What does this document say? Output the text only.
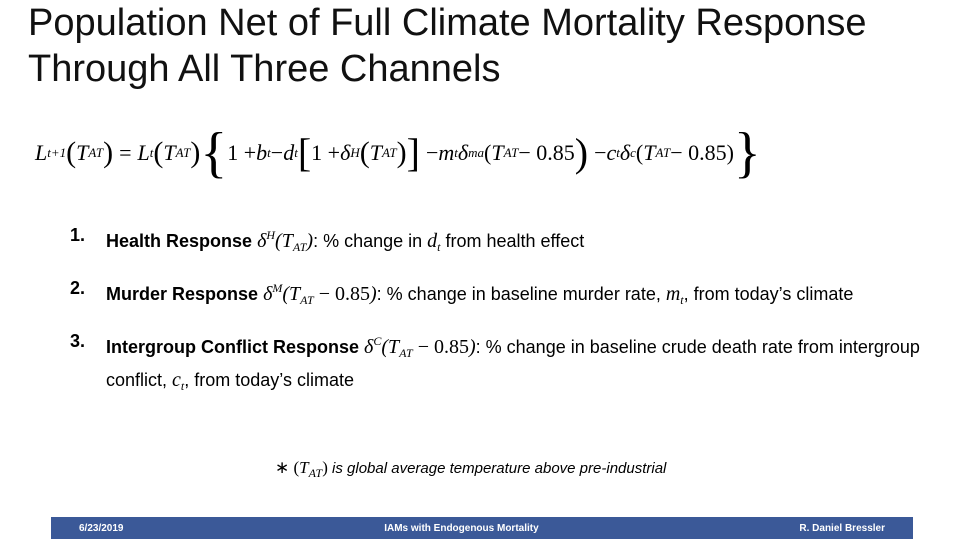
Population Net of Full Climate Mortality Response
Through All Three Channels
L t+1 ( T AT ) = L t ( T AT ) { 1 + b t − d t [ 1 + δ H ( T AT ) ] − m t δ ma ( T AT − 0.85 ) − c t δ c ( T AT − 0.85) }
1. Health Response $\delta^H(T_{AT})$: % change in $d_t$ from health effect
2. Murder Response $\delta^M(T_{AT} - 0.85)$: % change in baseline murder rate, $m_t$, from today’s climate
3. Intergroup Conflict Response $\delta^C(T_{AT} - 0.85)$: % change in baseline crude death rate from intergroup conflict, $c_t$, from today’s climate
∗ $(T_{AT})$ is global average temperature above pre-industrial
6/23/2019	IAMs with Endogenous Mortality	R. Daniel Bressler
